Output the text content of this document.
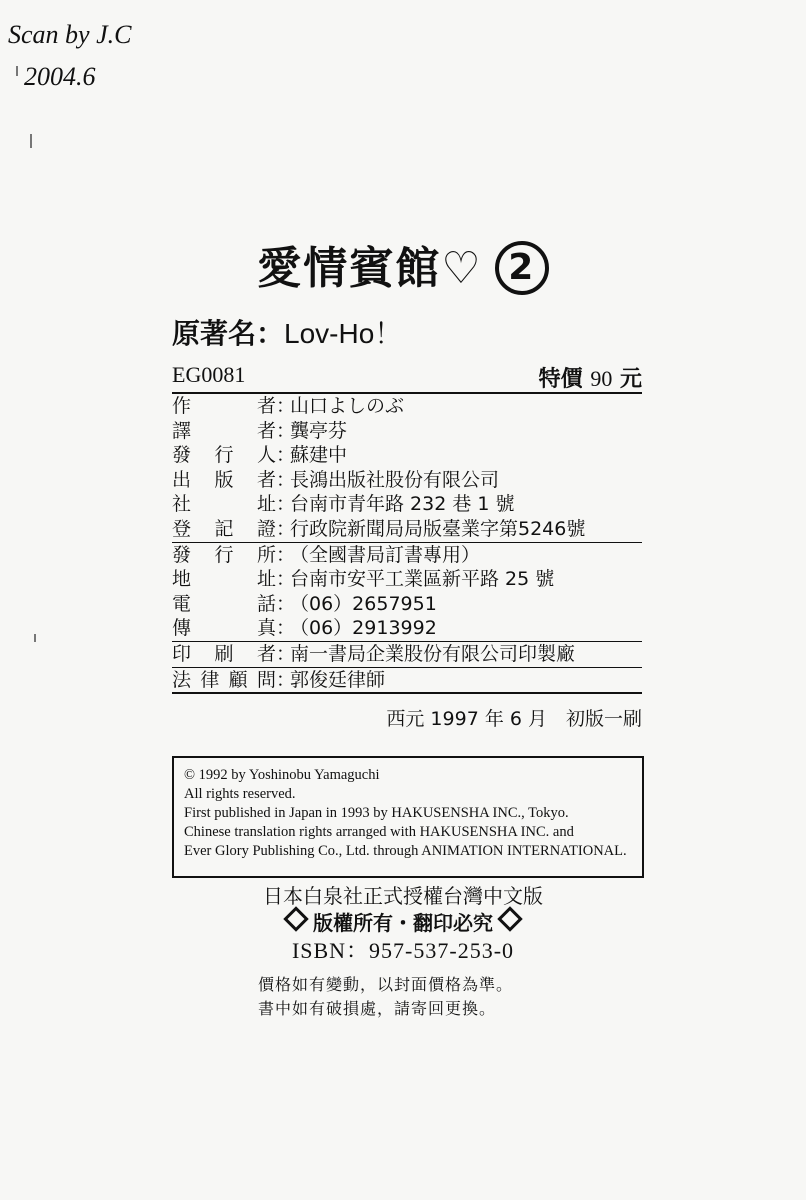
Scan by J.C
2004.6
愛情賓館♡ 2
原著名：Lov-Ho！
EG0081	特價 90 元
作者：山口よしのぶ
譯者：龔亭芬
發行人：蘇建中
出版者：長鴻出版社股份有限公司
社址：台南市青年路 232 巷 1 號
登記證：行政院新聞局局版臺業字第5246號
發行所：（全國書局訂書專用）
地址：台南市安平工業區新平路 25 號
電話：（06）2657951
傳真：（06）2913992
印刷者：南一書局企業股份有限公司印製廠
法律顧問：郭俊廷律師
西元 1997 年 6 月　初版一刷
© 1992 by Yoshinobu Yamaguchi
All rights reserved.
First published in Japan in 1993 by HAKUSENSHA INC., Tokyo.
Chinese translation rights arranged with HAKUSENSHA INC. and
Ever Glory Publishing Co., Ltd. through ANIMATION INTERNATIONAL.
日本白泉社正式授權台灣中文版
版權所有・翻印必究
ISBN：957-537-253-0
價格如有變動，以封面價格為準。
書中如有破損處，請寄回更換。
